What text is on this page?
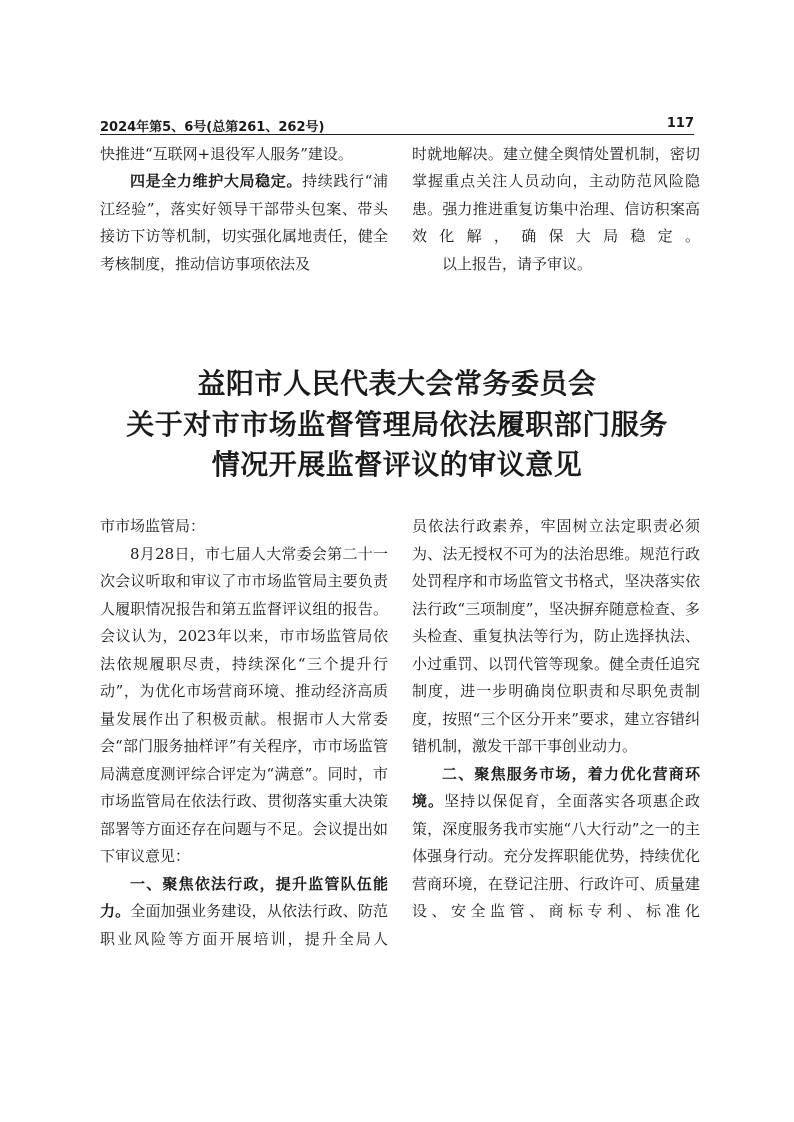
2024年第5、6号(总第261、262号)	117

快推进“互联网+退役军人服务”建设。

四是全力维护大局稳定。持续践行“浦江经验”，落实好领导干部带头包案、带头接访下访等机制，切实强化属地责任，健全考核制度，推动信访事项依法及

时就地解决。建立健全舆情处置机制，密切掌握重点关注人员动向，主动防范风险隐患。强力推进重复访集中治理、信访积案高效化解，确保大局稳定。

以上报告，请予审议。

益阳市人民代表大会常务委员会
关于对市市场监督管理局依法履职部门服务
情况开展监督评议的审议意见

市市场监管局：

8月28日，市七届人大常委会第二十一次会议听取和审议了市市场监管局主要负责人履职情况报告和第五监督评议组的报告。会议认为，2023年以来，市市场监管局依法依规履职尽责，持续深化“三个提升行动”，为优化市场营商环境、推动经济高质量发展作出了积极贡献。根据市人大常委会“部门服务抽样评”有关程序，市市场监管局满意度测评综合评定为“满意”。同时，市市场监管局在依法行政、贯彻落实重大决策部署等方面还存在问题与不足。会议提出如下审议意见：

一、聚焦依法行政，提升监管队伍能力。全面加强业务建设，从依法行政、防范职业风险等方面开展培训，提升全局人

员依法行政素养，牢固树立法定职责必须为、法无授权不可为的法治思维。规范行政处罚程序和市场监管文书格式，坚决落实依法行政“三项制度”，坚决摒弃随意检查、多头检查、重复执法等行为，防止选择执法、小过重罚、以罚代管等现象。健全责任追究制度，进一步明确岗位职责和尽职免责制度，按照“三个区分开来”要求，建立容错纠错机制，激发干部干事创业动力。

二、聚焦服务市场，着力优化营商环境。坚持以保促育，全面落实各项惠企政策，深度服务我市实施“八大行动”之一的主体强身行动。充分发挥职能优势，持续优化营商环境，在登记注册、行政许可、质量建设、安全监管、商标专利、标准化
